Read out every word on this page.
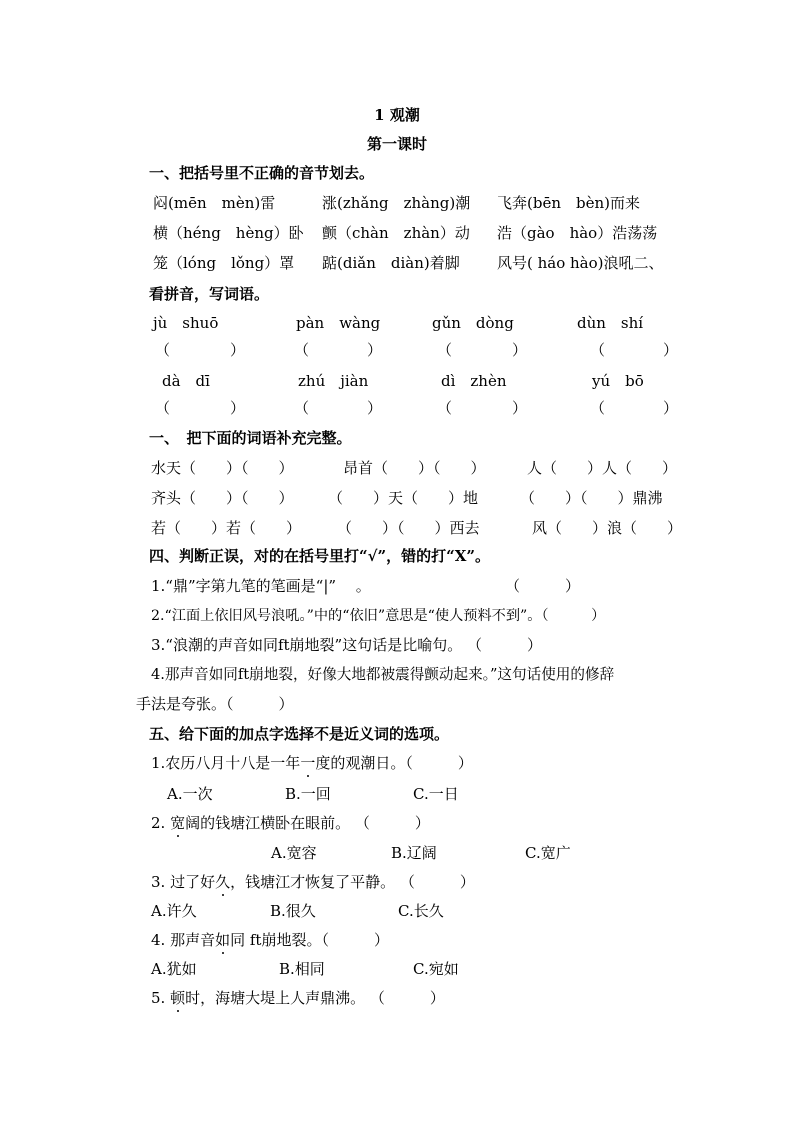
1 观潮
第一课时
一、把括号里不正确的音节划去。
闷(mēn　mèn)雷	涨(zhǎng　zhàng)潮 飞奔(bēn　bèn)而来
横（héng　hèng）卧 颤（chàn　zhàn）动 浩（gào　hào）浩荡荡
笼（lóng　lǒng）罩 踮(diǎn　diàn)着脚 风号( háo hào)浪吼二、
看拼音，写词语。
jù　shuō	pàn　wàng	gǔn　dòng	dùn　shí
（	）	（	）	（	）	（	）
dà　dī	zhú　jiàn	dì　zhèn	yú　bō
（	）	（	）	（	）	（	）
一、　把下面的词语补充完整。
水天（　　）（　　）	昂首（　　）（　　）	人（　　）人（　　）
齐头（　　）（　　） （　　）天（　　）地	（　　）（　　）鼎沸
若（　　）若（　　） （　　）（　　）西去	风（　　）浪（　　）
四、判断正误，对的在括号里打“√”，错的打“X”。
1.“鼎”字第九笔的笔画是“|”　 。	（　　　）
2.“江面上依旧风号浪吼。”中的“依旧”意思是“使人预料不到”。（　　　）
3.“浪潮的声音如同ft崩地裂”这句话是比喻句。 （　　　）
4.那声音如同ft崩地裂，好像大地都被震得颤动起来。”这句话使用的修辞
手法是夸张。（　　　）
五、给下面的加点字选择不是近义词的选项。
1.农历八月十八是一年一度的观潮日。（　　　）
A.一次	B.一回	C.一日
2. 宽阔的钱塘江横卧在眼前。 （　　　）
A.宽容	B.辽阔	C.宽广
3. 过了好久，钱塘江才恢复了平静。 （　　　）
A.许久	B.很久	C.长久
4. 那声音如同 ft崩地裂。（　　　）
A.犹如	B.相同	C.宛如
5. 顿时，海塘大堤上人声鼎沸。 （　　　）
